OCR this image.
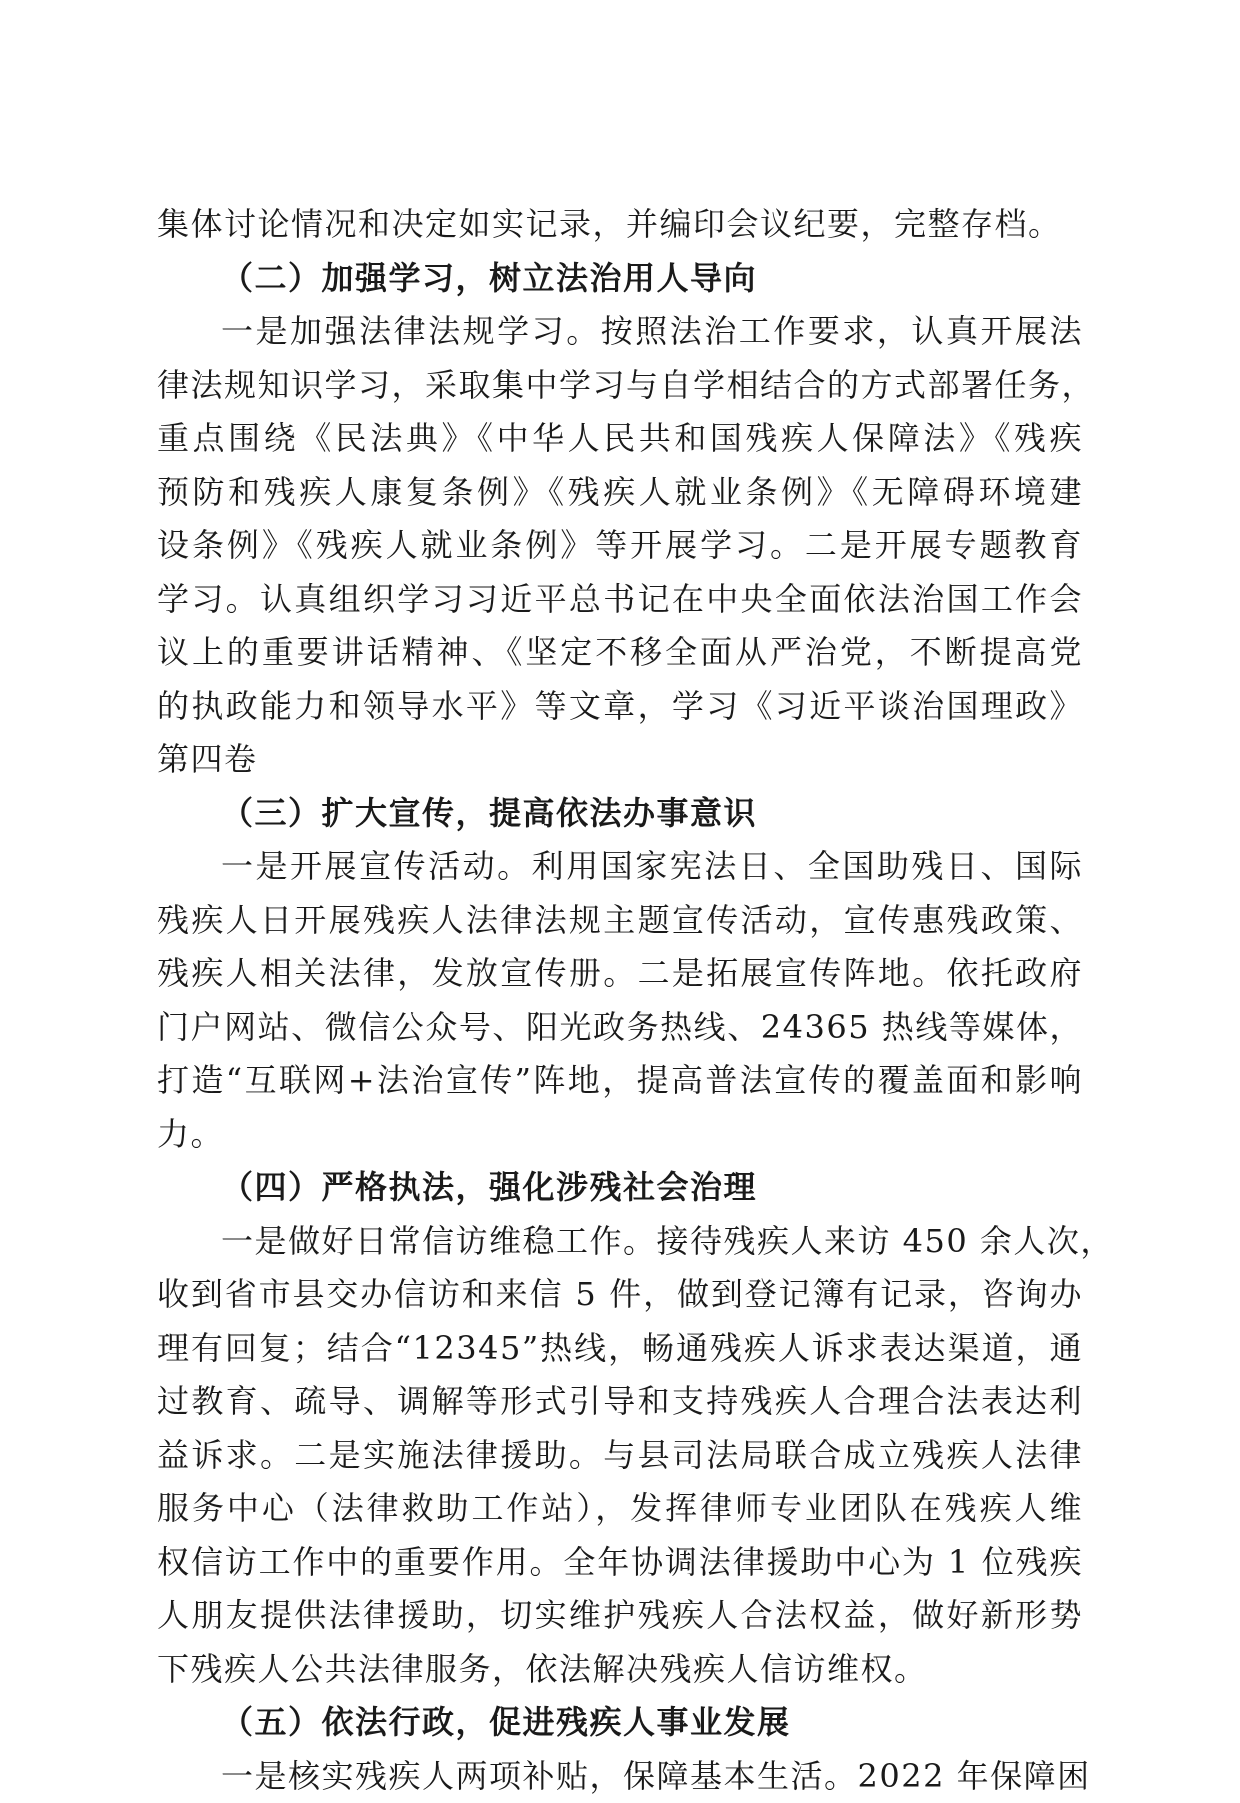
集体讨论情况和决定如实记录，并编印会议纪要，完整存档。
（二）加强学习，树立法治用人导向
一是加强法律法规学习。按照法治工作要求，认真开展法
律法规知识学习，采取集中学习与自学相结合的方式部署任务，
重点围绕《民法典》《中华人民共和国残疾人保障法》《残疾
预防和残疾人康复条例》《残疾人就业条例》《无障碍环境建
设条例》《残疾人就业条例》等开展学习。二是开展专题教育
学习。认真组织学习习近平总书记在中央全面依法治国工作会
议上的重要讲话精神、《坚定不移全面从严治党，不断提高党
的执政能力和领导水平》等文章，学习《习近平谈治国理政》
第四卷
（三）扩大宣传，提高依法办事意识
一是开展宣传活动。利用国家宪法日、全国助残日、国际
残疾人日开展残疾人法律法规主题宣传活动，宣传惠残政策、
残疾人相关法律，发放宣传册。二是拓展宣传阵地。依托政府
门户网站、微信公众号、阳光政务热线、24365 热线等媒体，
打造“互联网+法治宣传”阵地，提高普法宣传的覆盖面和影响
力。
（四）严格执法，强化涉残社会治理
一是做好日常信访维稳工作。接待残疾人来访 450 余人次，
收到省市县交办信访和来信 5 件，做到登记簿有记录，咨询办
理有回复；结合“12345”热线，畅通残疾人诉求表达渠道，通
过教育、疏导、调解等形式引导和支持残疾人合理合法表达利
益诉求。二是实施法律援助。与县司法局联合成立残疾人法律
服务中心（法律救助工作站），发挥律师专业团队在残疾人维
权信访工作中的重要作用。全年协调法律援助中心为 1 位残疾
人朋友提供法律援助，切实维护残疾人合法权益，做好新形势
下残疾人公共法律服务，依法解决残疾人信访维权。
（五）依法行政，促进残疾人事业发展
一是核实残疾人两项补贴，保障基本生活。2022 年保障困
